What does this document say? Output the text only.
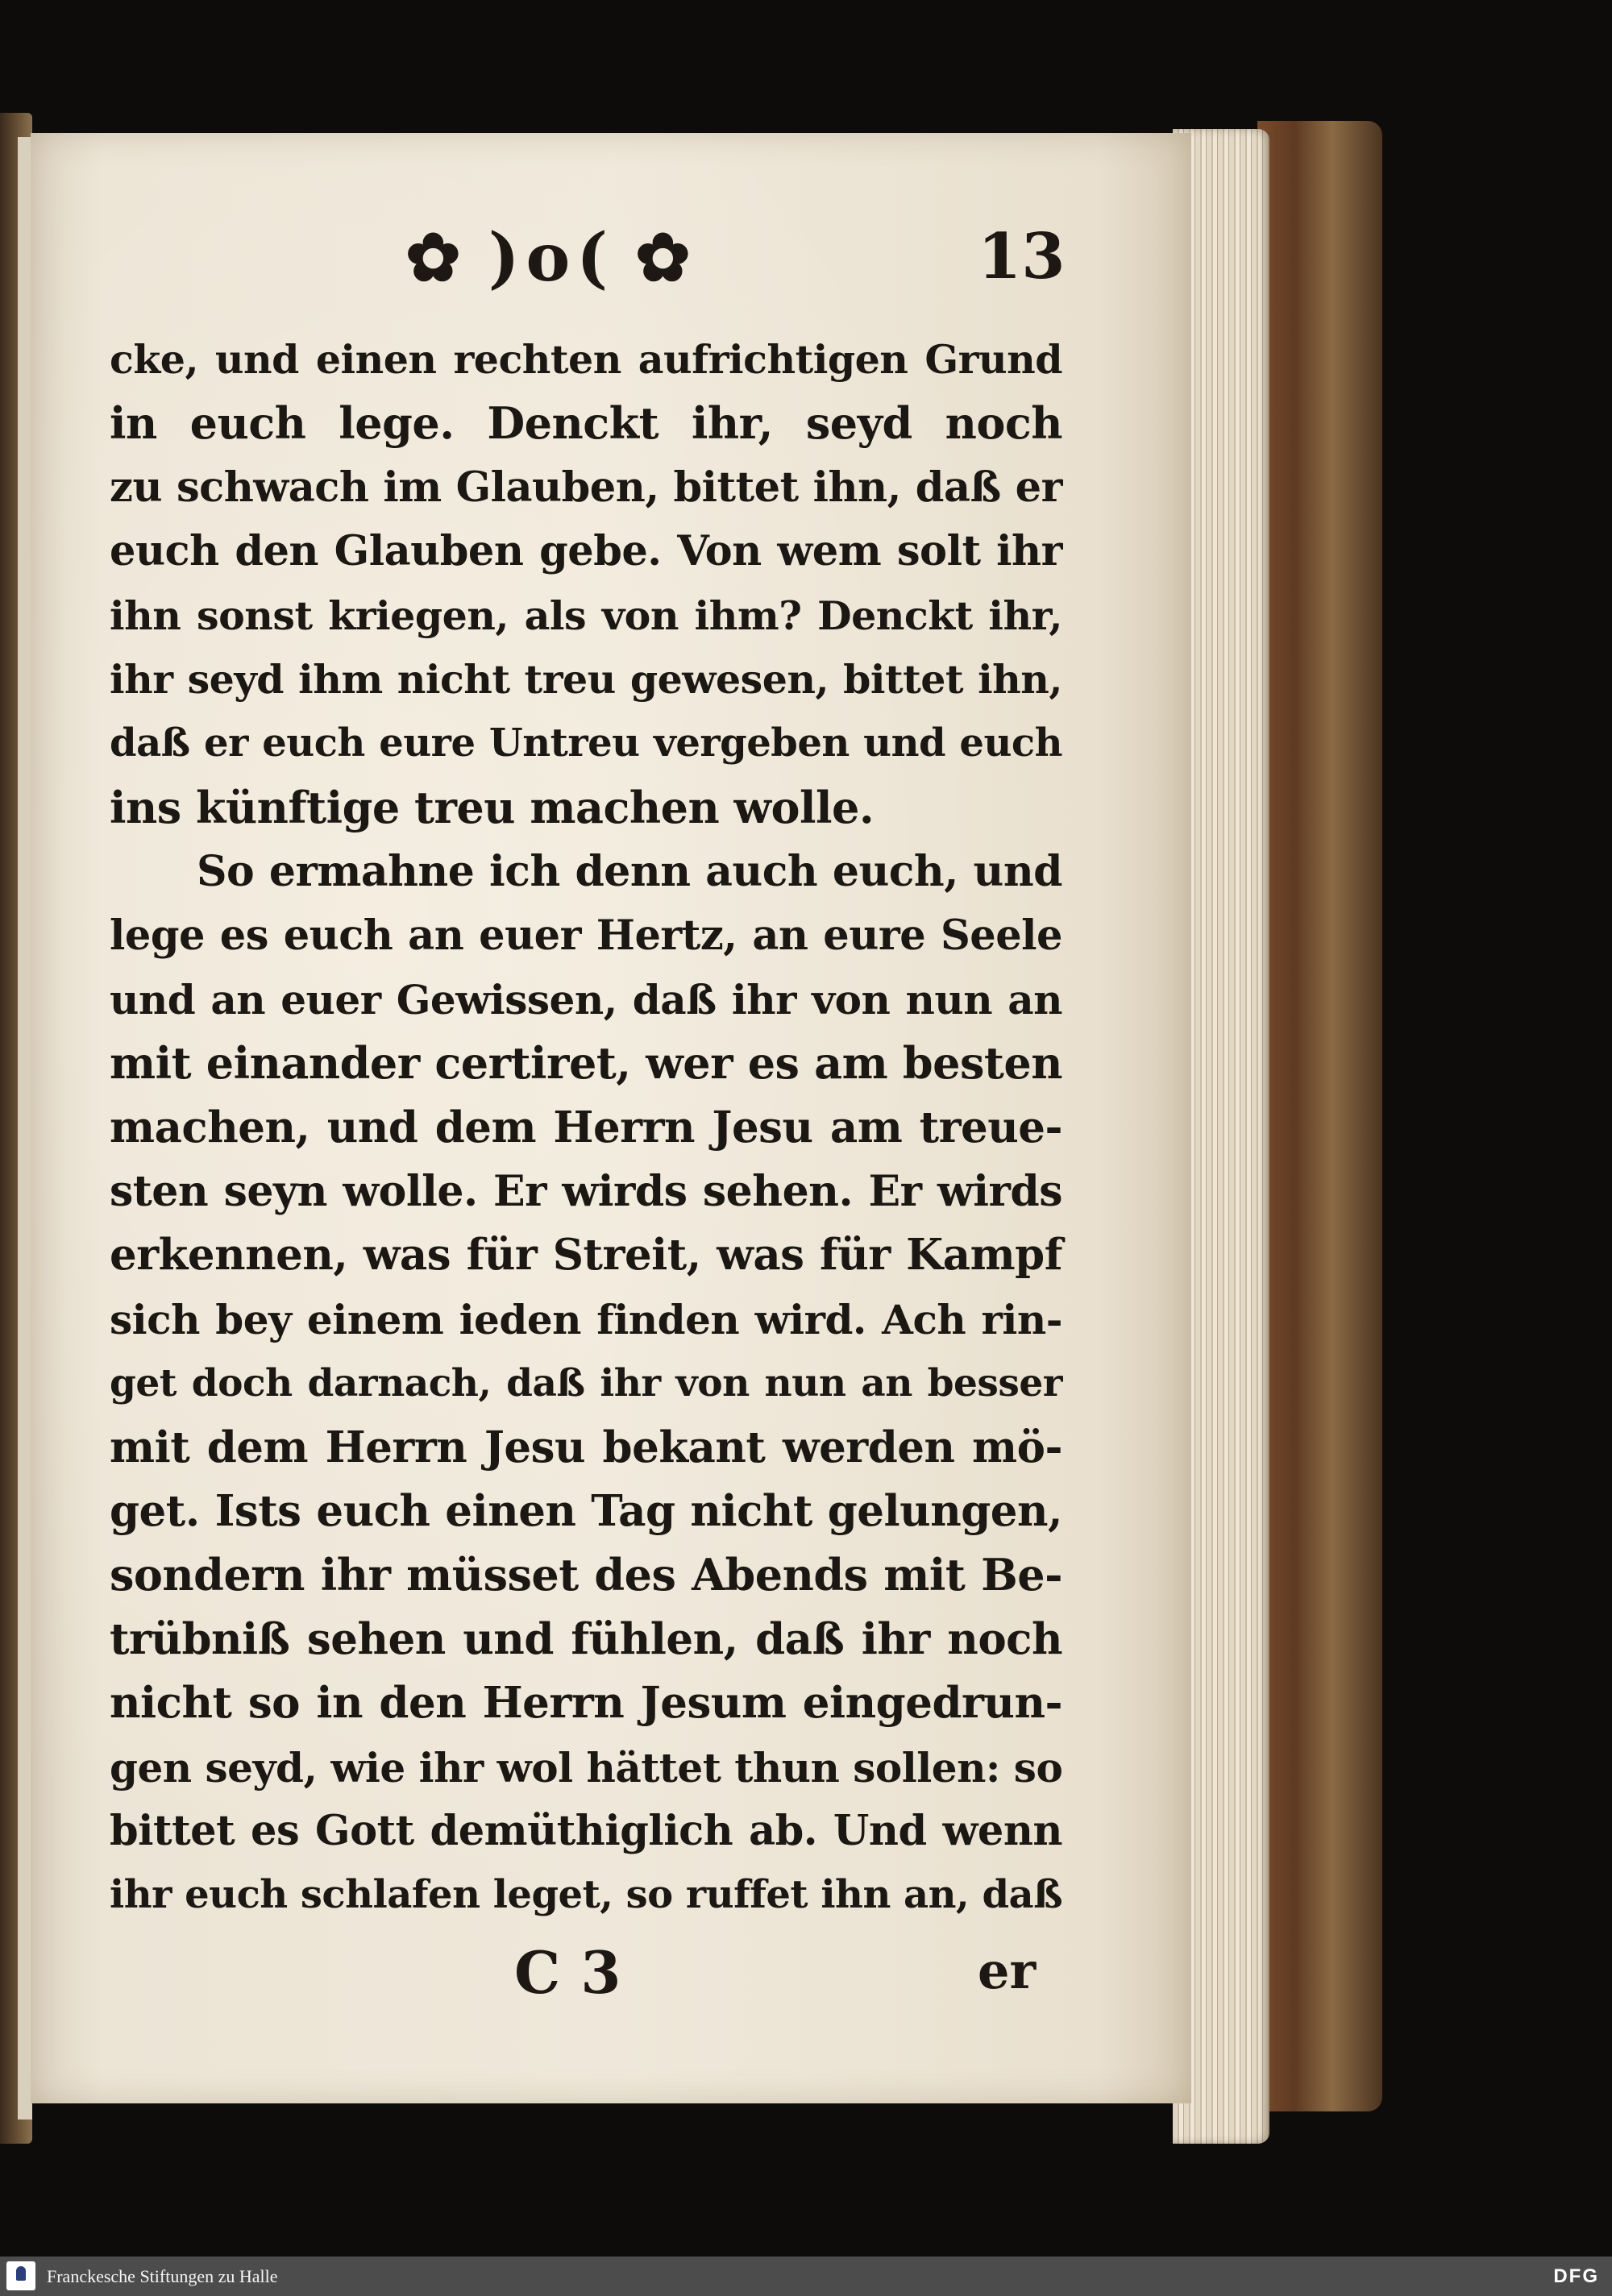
✿ )o( ✿	13
cke, und einen rechten aufrichtigen Grund
in euch lege. Denckt ihr, seyd noch
zu schwach im Glauben, bittet ihn, daß er
euch den Glauben gebe. Von wem solt ihr
ihn sonst kriegen, als von ihm? Denckt ihr,
ihr seyd ihm nicht treu gewesen, bittet ihn,
daß er euch eure Untreu vergeben und euch
ins künftige treu machen wolle.
So ermahne ich denn auch euch, und
lege es euch an euer Hertz, an eure Seele
und an euer Gewissen, daß ihr von nun an
mit einander certiret, wer es am besten
machen, und dem Herrn Jesu am treue-
sten seyn wolle. Er wirds sehen. Er wirds
erkennen, was für Streit, was für Kampf
sich bey einem ieden finden wird. Ach rin-
get doch darnach, daß ihr von nun an besser
mit dem Herrn Jesu bekant werden mö-
get. Ists euch einen Tag nicht gelungen,
sondern ihr müsset des Abends mit Be-
trübniß sehen und fühlen, daß ihr noch
nicht so in den Herrn Jesum eingedrun-
gen seyd, wie ihr wol hättet thun sollen: so
bittet es Gott demüthiglich ab. Und wenn
ihr euch schlafen leget, so ruffet ihn an, daß
C 3	er
Franckesche Stiftungen zu Halle	DFG
